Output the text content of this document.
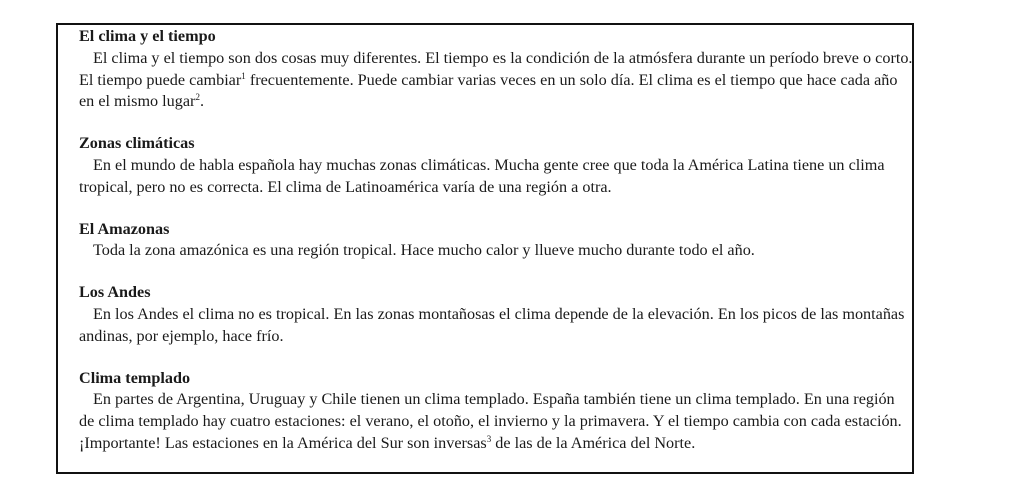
El clima y el tiempo
El clima y el tiempo son dos cosas muy diferentes. El tiempo es la condición de la atmósfera durante un período breve o corto. El tiempo puede cambiar$^1$ frecuentemente. Puede cambiar varias veces en un solo día. El clima es el tiempo que hace cada año en el mismo lugar$^2$.
Zonas climáticas
En el mundo de habla española hay muchas zonas climáticas. Mucha gente cree que toda la América Latina tiene un clima tropical, pero no es correcta. El clima de Latinoamérica varía de una región a otra.
El Amazonas
Toda la zona amazónica es una región tropical. Hace mucho calor y llueve mucho durante todo el año.
Los Andes
En los Andes el clima no es tropical. En las zonas montañosas el clima depende de la elevación. En los picos de las montañas andinas, por ejemplo, hace frío.
Clima templado
En partes de Argentina, Uruguay y Chile tienen un clima templado. España también tiene un clima templado. En una región de clima templado hay cuatro estaciones: el verano, el otoño, el invierno y la primavera. Y el tiempo cambia con cada estación. ¡Importante! Las estaciones en la América del Sur son inversas$^3$ de las de la América del Norte.
